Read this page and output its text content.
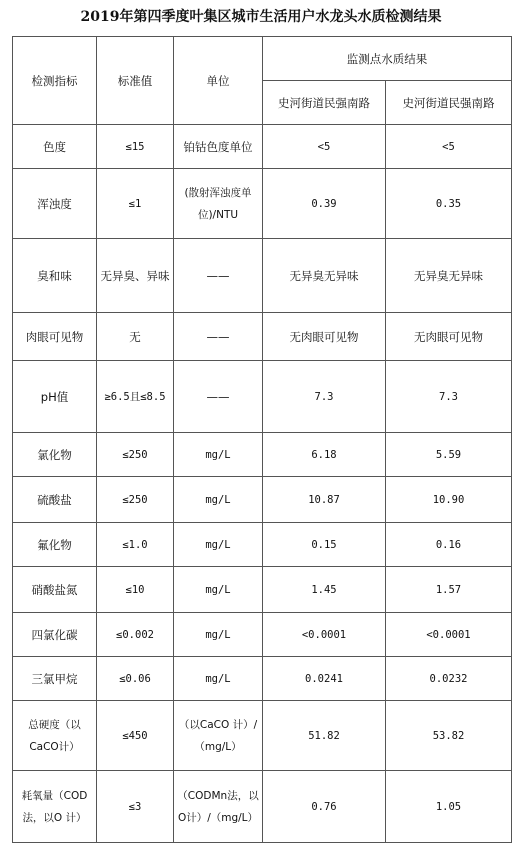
2019年第四季度叶集区城市生活用户水龙头水质检测结果
检测指标	标准值	单位	监测点水质结果	
			史河街道民强南路	史河街道民强南路
色度	≤15	铂钴色度单位	<5	<5
浑浊度	≤1	(散射浑浊度单位)/NTU	0.39	0.35
臭和味	无异臭、异味	——	无异臭无异味	无异臭无异味
肉眼可见物	无	——	无肉眼可见物	无肉眼可见物
pH值	≥6.5且≤8.5	——	7.3	7.3
氯化物	≤250	mg/L	6.18	5.59
硫酸盐	≤250	mg/L	10.87	10.90
氟化物	≤1.0	mg/L	0.15	0.16
硝酸盐氮	≤10	mg/L	1.45	1.57
四氯化碳	≤0.002	mg/L	<0.0001	<0.0001
三氯甲烷	≤0.06	mg/L	0.0241	0.0232
总硬度（以CaCO计）	≤450	（以CaCO 计）/（mg/L）	51.82	53.82
耗氧量（COD法，以O 计）	≤3	（CODMn法，以O计）/（mg/L）	0.76	1.05
